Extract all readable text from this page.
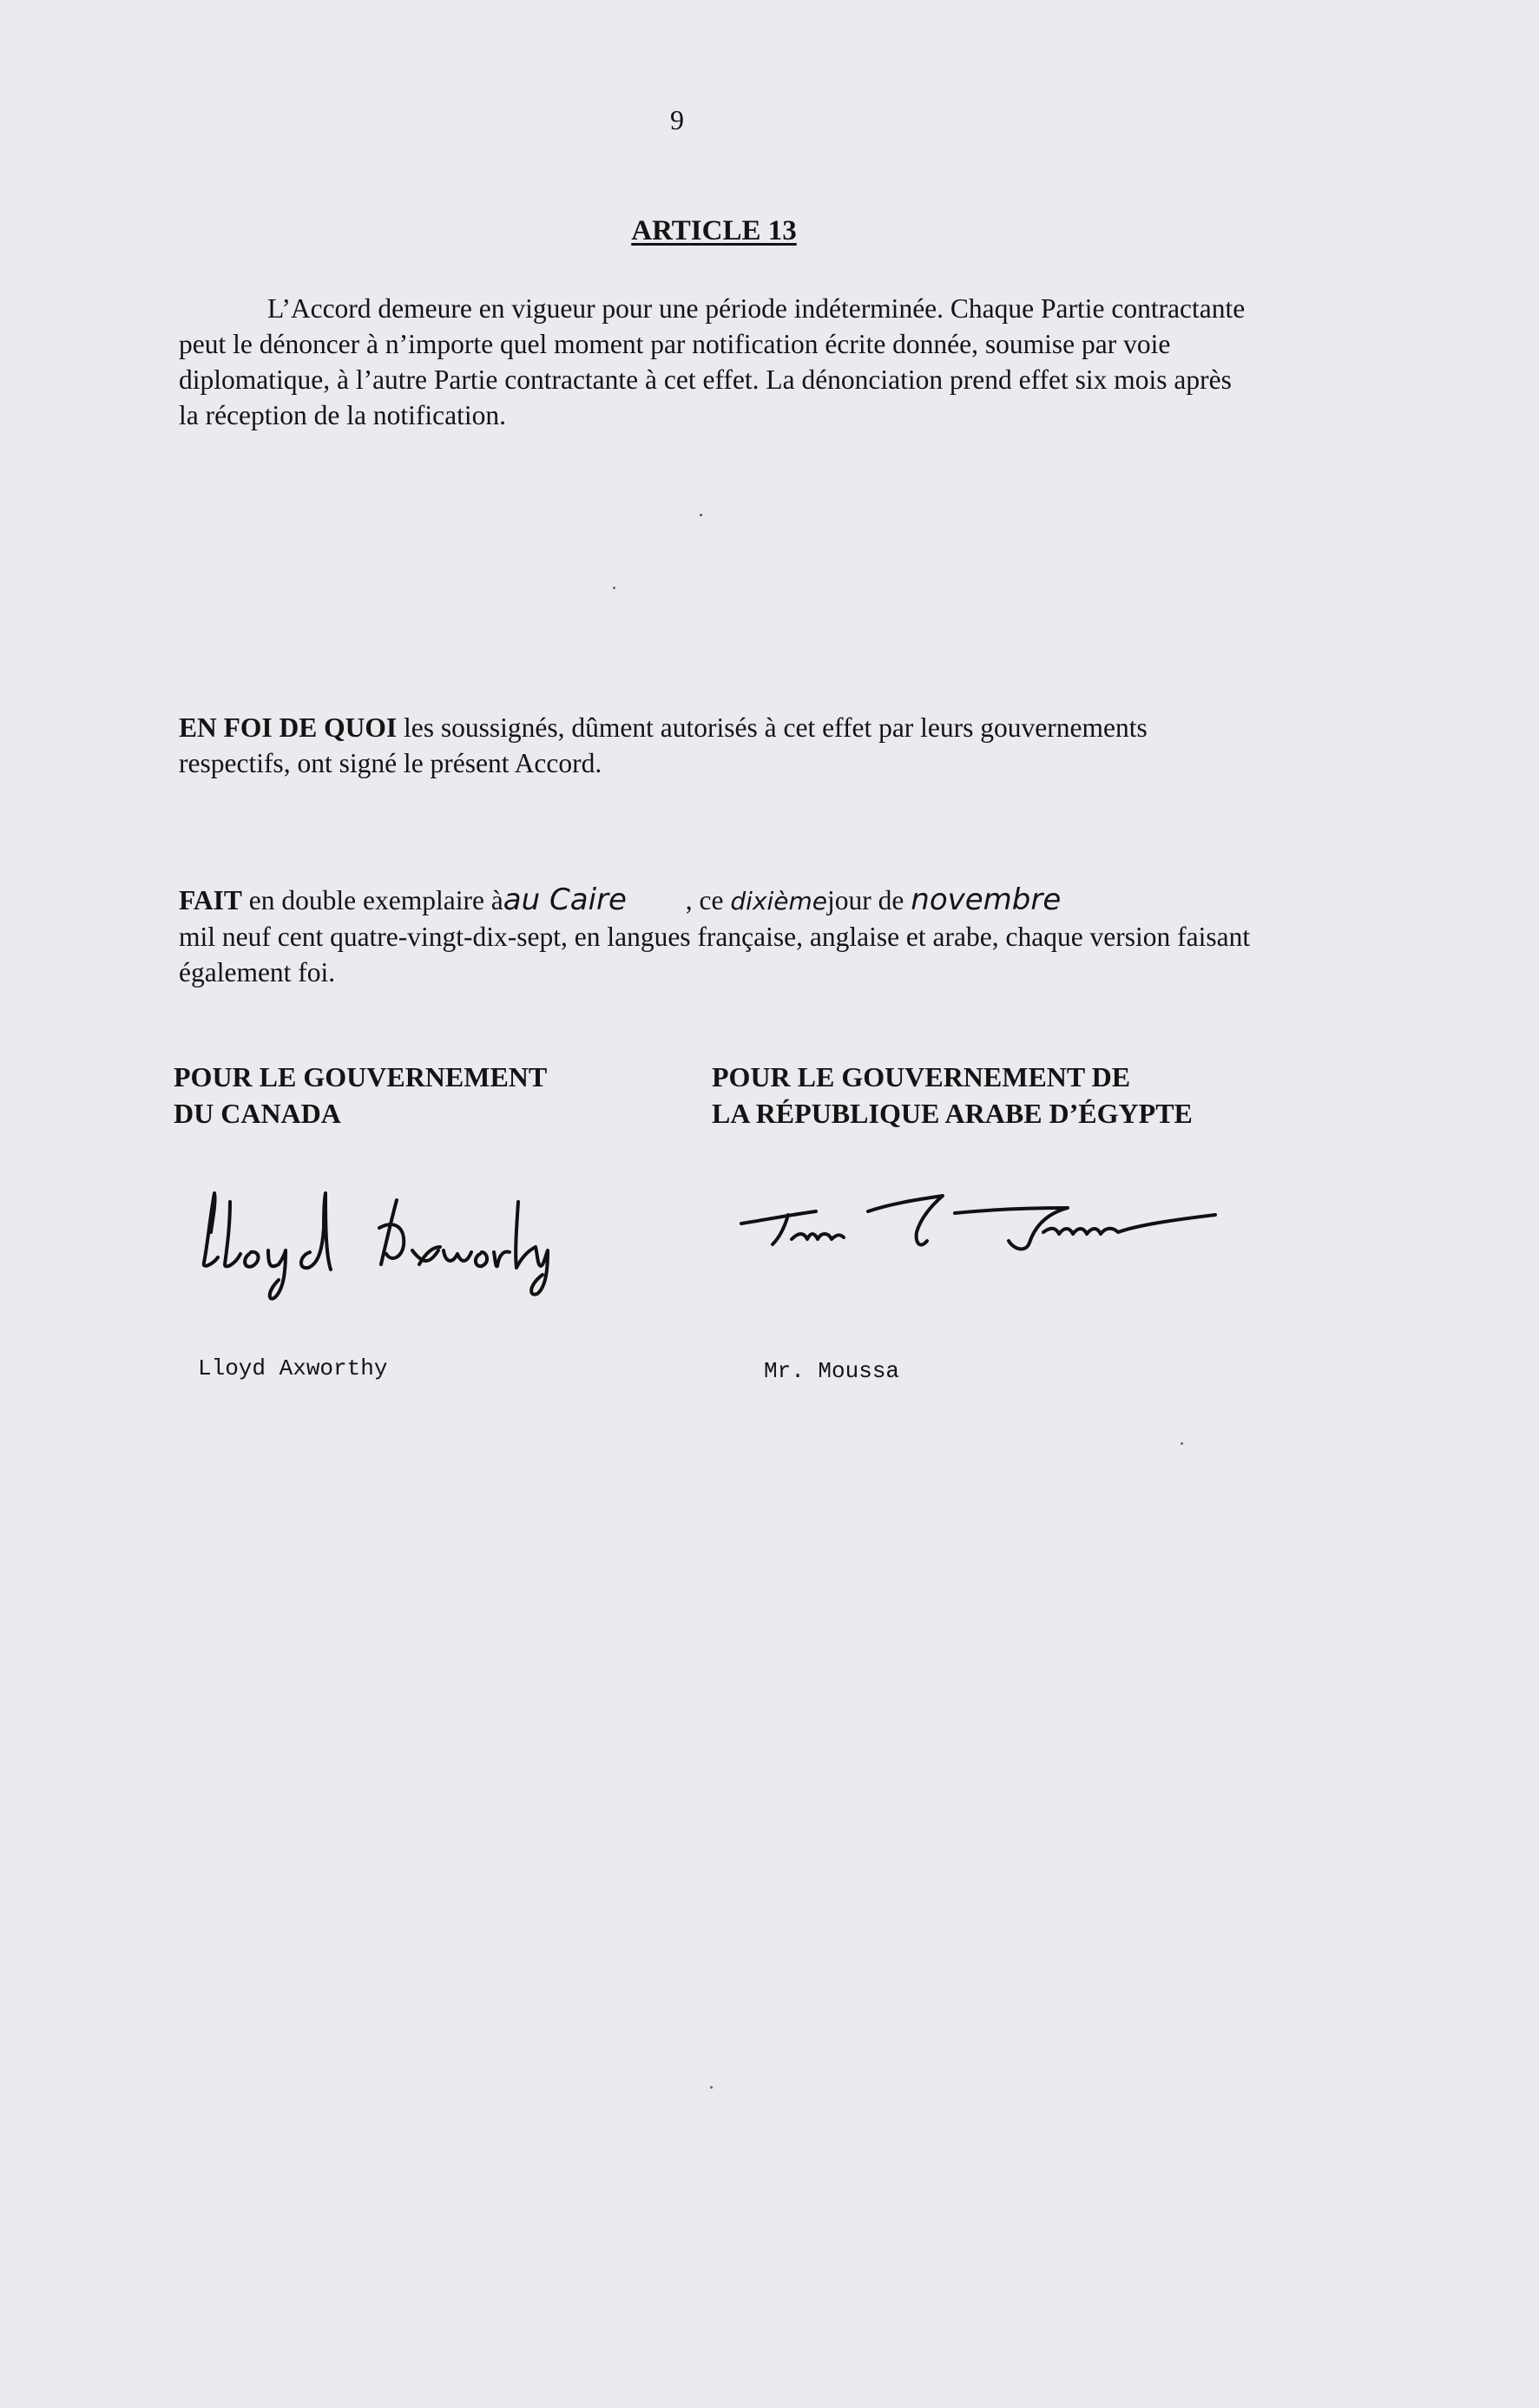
9
ARTICLE 13
L’Accord demeure en vigueur pour une période indéterminée. Chaque Partie contractante peut le dénoncer à n’importe quel moment par notification écrite donnée, soumise par voie diplomatique, à l’autre Partie contractante à cet effet. La dénonciation prend effet six mois après la réception de la notification.
EN FOI DE QUOI les soussignés, dûment autorisés à cet effet par leurs gouvernements respectifs, ont signé le présent Accord.
FAIT en double exemplaire àau Caire , ce dixièmejour de novembre
mil neuf cent quatre-vingt-dix-sept, en langues française, anglaise et arabe, chaque version faisant également foi.
POUR LE GOUVERNEMENT
DU CANADA
POUR LE GOUVERNEMENT DE
LA RÉPUBLIQUE ARABE D’ÉGYPTE
Lloyd Axworthy	Mr. Moussa
